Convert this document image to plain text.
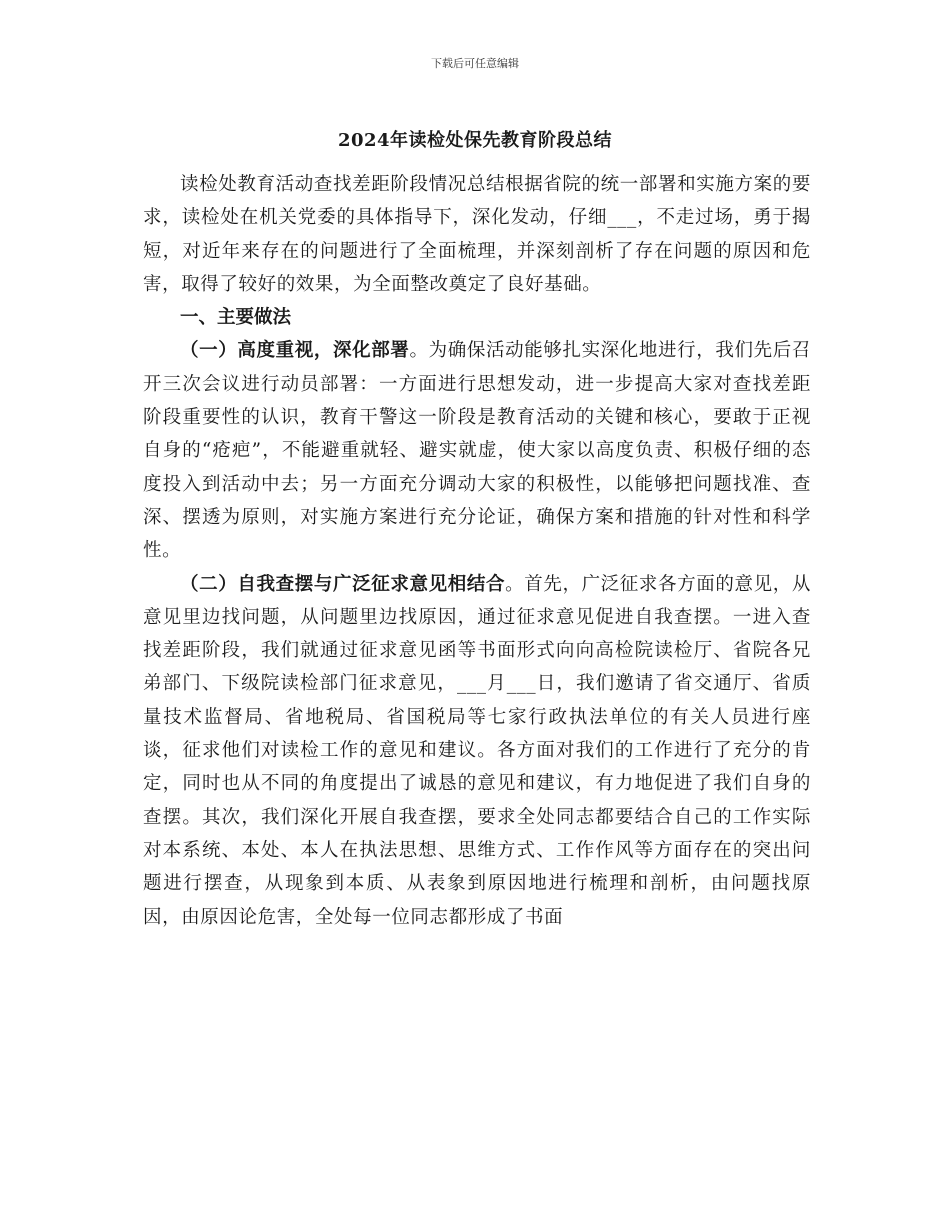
下载后可任意编辑
2024年读检处保先教育阶段总结

读检处教育活动查找差距阶段情况总结根据省院的统一部署和实施方案的要求，读检处在机关党委的具体指导下，深化发动，仔细___，不走过场，勇于揭短，对近年来存在的问题进行了全面梳理，并深刻剖析了存在问题的原因和危害，取得了较好的效果，为全面整改奠定了良好基础。

一、主要做法

（一）高度重视，深化部署。为确保活动能够扎实深化地进行，我们先后召开三次会议进行动员部署：一方面进行思想发动，进一步提高大家对查找差距阶段重要性的认识，教育干警这一阶段是教育活动的关键和核心，要敢于正视自身的“疮疤”，不能避重就轻、避实就虚，使大家以高度负责、积极仔细的态度投入到活动中去；另一方面充分调动大家的积极性，以能够把问题找准、查深、摆透为原则，对实施方案进行充分论证，确保方案和措施的针对性和科学性。

（二）自我查摆与广泛征求意见相结合。首先，广泛征求各方面的意见，从意见里边找问题，从问题里边找原因，通过征求意见促进自我查摆。一进入查找差距阶段，我们就通过征求意见函等书面形式向向高检院读检厅、省院各兄弟部门、下级院读检部门征求意见，___月___日，我们邀请了省交通厅、省质量技术监督局、省地税局、省国税局等七家行政执法单位的有关人员进行座谈，征求他们对读检工作的意见和建议。各方面对我们的工作进行了充分的肯定，同时也从不同的角度提出了诚恳的意见和建议，有力地促进了我们自身的查摆。其次，我们深化开展自我查摆，要求全处同志都要结合自己的工作实际对本系统、本处、本人在执法思想、思维方式、工作作风等方面存在的突出问题进行摆查，从现象到本质、从表象到原因地进行梳理和剖析，由问题找原因，由原因论危害，全处每一位同志都形成了书面
